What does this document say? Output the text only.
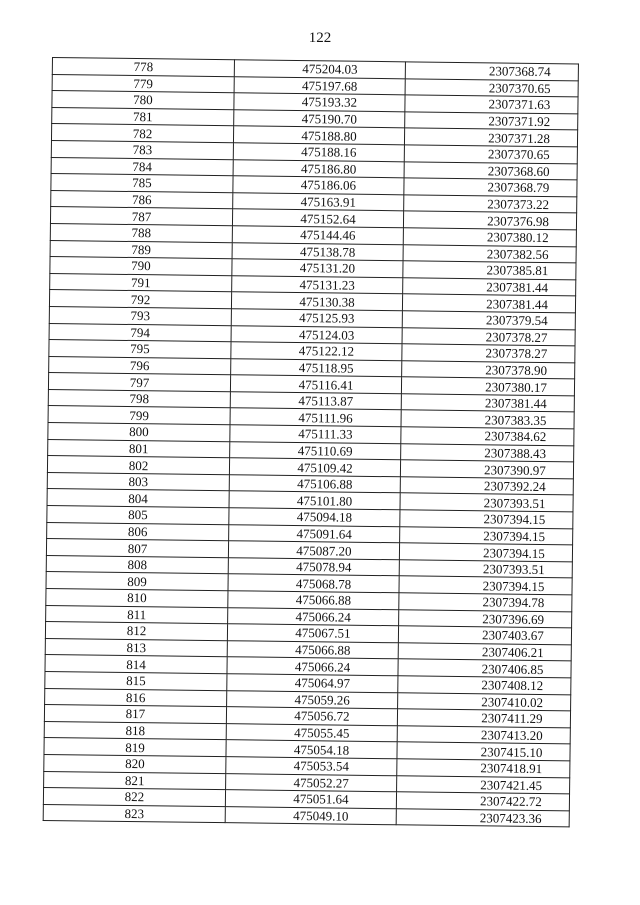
122
778	475204.03	2307368.74
779	475197.68	2307370.65
780	475193.32	2307371.63
781	475190.70	2307371.92
782	475188.80	2307371.28
783	475188.16	2307370.65
784	475186.80	2307368.60
785	475186.06	2307368.79
786	475163.91	2307373.22
787	475152.64	2307376.98
788	475144.46	2307380.12
789	475138.78	2307382.56
790	475131.20	2307385.81
791	475131.23	2307381.44
792	475130.38	2307381.44
793	475125.93	2307379.54
794	475124.03	2307378.27
795	475122.12	2307378.27
796	475118.95	2307378.90
797	475116.41	2307380.17
798	475113.87	2307381.44
799	475111.96	2307383.35
800	475111.33	2307384.62
801	475110.69	2307388.43
802	475109.42	2307390.97
803	475106.88	2307392.24
804	475101.80	2307393.51
805	475094.18	2307394.15
806	475091.64	2307394.15
807	475087.20	2307394.15
808	475078.94	2307393.51
809	475068.78	2307394.15
810	475066.88	2307394.78
811	475066.24	2307396.69
812	475067.51	2307403.67
813	475066.88	2307406.21
814	475066.24	2307406.85
815	475064.97	2307408.12
816	475059.26	2307410.02
817	475056.72	2307411.29
818	475055.45	2307413.20
819	475054.18	2307415.10
820	475053.54	2307418.91
821	475052.27	2307421.45
822	475051.64	2307422.72
823	475049.10	2307423.36
